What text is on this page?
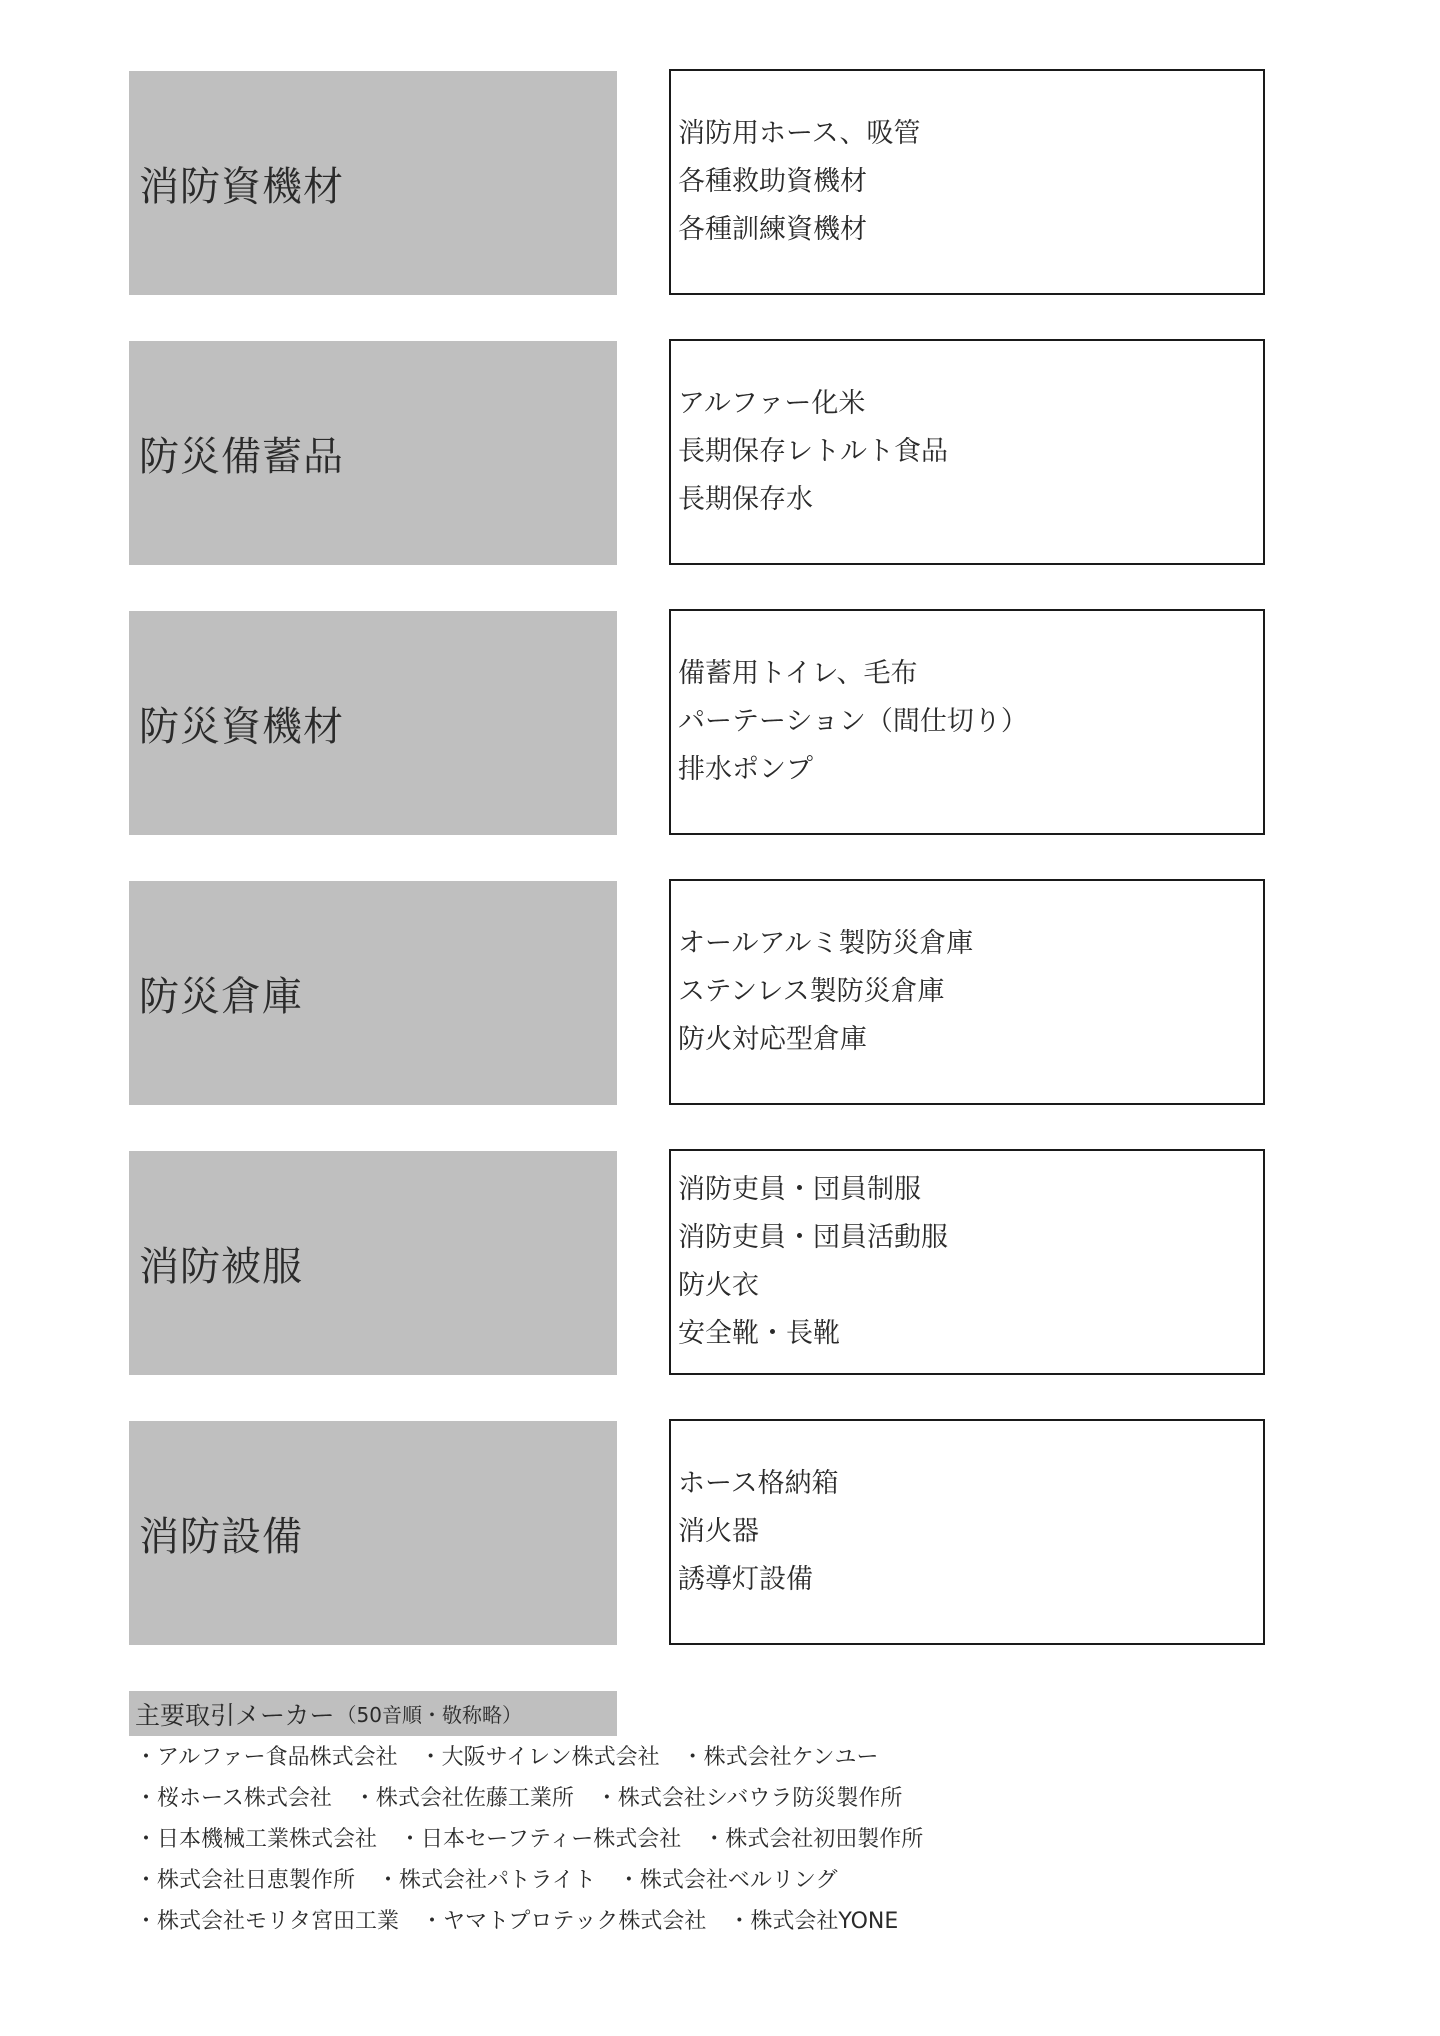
消防資機材
消防用ホース、吸管
各種救助資機材
各種訓練資機材
防災備蓄品
アルファー化米
長期保存レトルト食品
長期保存水
防災資機材
備蓄用トイレ、毛布
パーテーション（間仕切り）
排水ポンプ
防災倉庫
オールアルミ製防災倉庫
ステンレス製防災倉庫
防火対応型倉庫
消防被服
消防吏員・団員制服
消防吏員・団員活動服
防火衣
安全靴・長靴
消防設備
ホース格納箱
消火器
誘導灯設備
主要取引メーカー （50音順・敬称略）
・アルファー食品株式会社　・大阪サイレン株式会社　・株式会社ケンユー
・桜ホース株式会社　・株式会社佐藤工業所　・株式会社シバウラ防災製作所
・日本機械工業株式会社　・日本セーフティー株式会社　・株式会社初田製作所
・株式会社日恵製作所　・株式会社パトライト　・株式会社ベルリング
・株式会社モリタ宮田工業　・ヤマトプロテック株式会社　・株式会社YONE
